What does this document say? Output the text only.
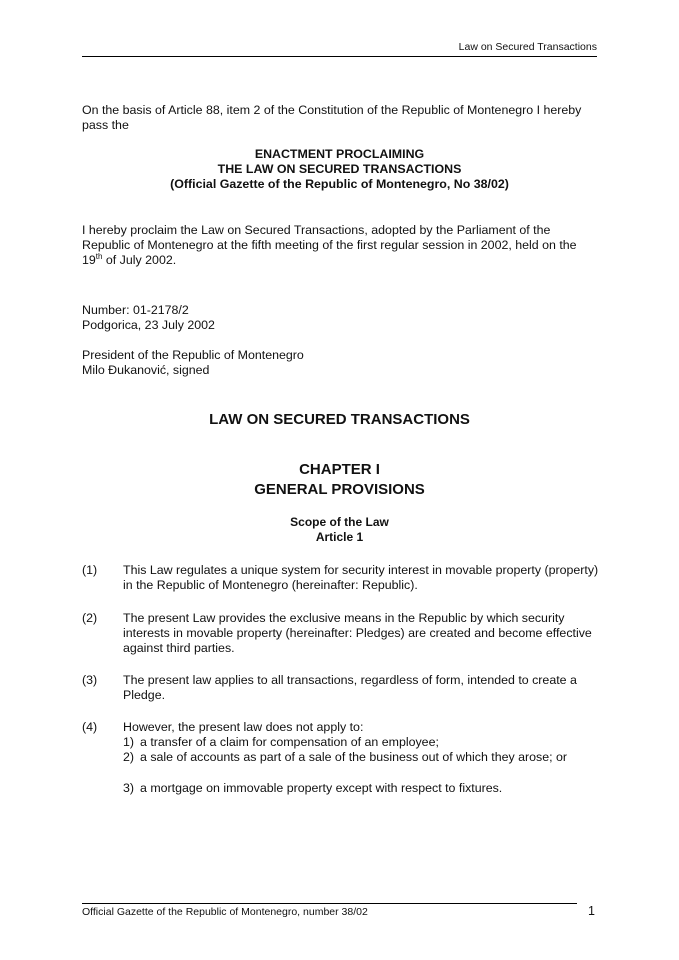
Law on Secured Transactions
On the basis of Article 88, item 2 of the Constitution of the Republic of Montenegro I hereby pass the
ENACTMENT PROCLAIMING
THE LAW ON SECURED TRANSACTIONS
(Official Gazette of the Republic of Montenegro, No 38/02)
I hereby proclaim the Law on Secured Transactions, adopted by the Parliament of the Republic of Montenegro at the fifth meeting of the first regular session in 2002, held on the 19th of July 2002.
Number: 01-2178/2
Podgorica, 23 July 2002
President of the Republic of Montenegro
Milo Đukanović, signed
LAW ON SECURED TRANSACTIONS
CHAPTER I
GENERAL PROVISIONS
Scope of the Law
Article 1
(1)	This Law regulates a unique system for security interest in movable property (property) in the Republic of Montenegro (hereinafter: Republic).
(2)	The present Law provides the exclusive means in the Republic by which security interests in movable property (hereinafter: Pledges) are created and become effective against third parties.
(3)	The present law applies to all transactions, regardless of form, intended to create a Pledge.
(4)	However, the present law does not apply to:
1) a transfer of a claim for compensation of an employee;
2) a sale of accounts as part of a sale of the business out of which they arose; or
3) a mortgage on immovable property except with respect to fixtures.
Official Gazette of the Republic of Montenegro, number 38/02	1
